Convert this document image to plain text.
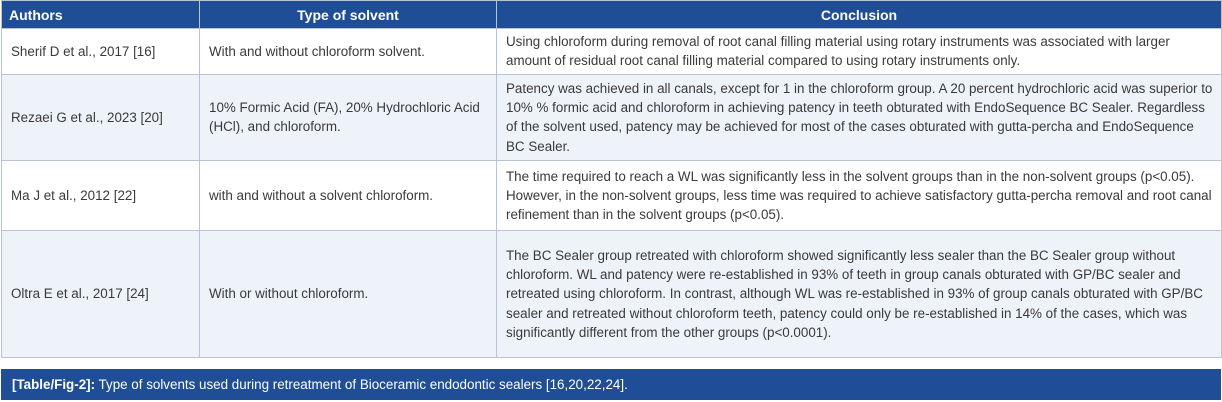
Authors	Type of solvent	Conclusion
Sherif D et al., 2017 [16]	With and without chloroform solvent.	Using chloroform during removal of root canal filling material using rotary instruments was associated with larger amount of residual root canal filling material compared to using rotary instruments only.
Rezaei G et al., 2023 [20]	10% Formic Acid (FA), 20% Hydrochloric Acid (HCl), and chloroform.	Patency was achieved in all canals, except for 1 in the chloroform group. A 20 percent hydrochloric acid was superior to 10% % formic acid and chloroform in achieving patency in teeth obturated with EndoSequence BC Sealer. Regardless of the solvent used, patency may be achieved for most of the cases obturated with gutta-percha and EndoSequence BC Sealer.
Ma J et al., 2012 [22]	with and without a solvent chloroform.	The time required to reach a WL was significantly less in the solvent groups than in the non-solvent groups (p<0.05). However, in the non-solvent groups, less time was required to achieve satisfactory gutta-percha removal and root canal refinement than in the solvent groups (p<0.05).
Oltra E et al., 2017 [24]	With or without chloroform.	The BC Sealer group retreated with chloroform showed significantly less sealer than the BC Sealer group without chloroform. WL and patency were re-established in 93% of teeth in group canals obturated with GP/BC sealer and retreated using chloroform. In contrast, although WL was re-established in 93% of group canals obturated with GP/BC sealer and retreated without chloroform teeth, patency could only be re-established in 14% of the cases, which was significantly different from the other groups (p<0.0001).
[Table/Fig-2]: Type of solvents used during retreatment of Bioceramic endodontic sealers [16,20,22,24].
